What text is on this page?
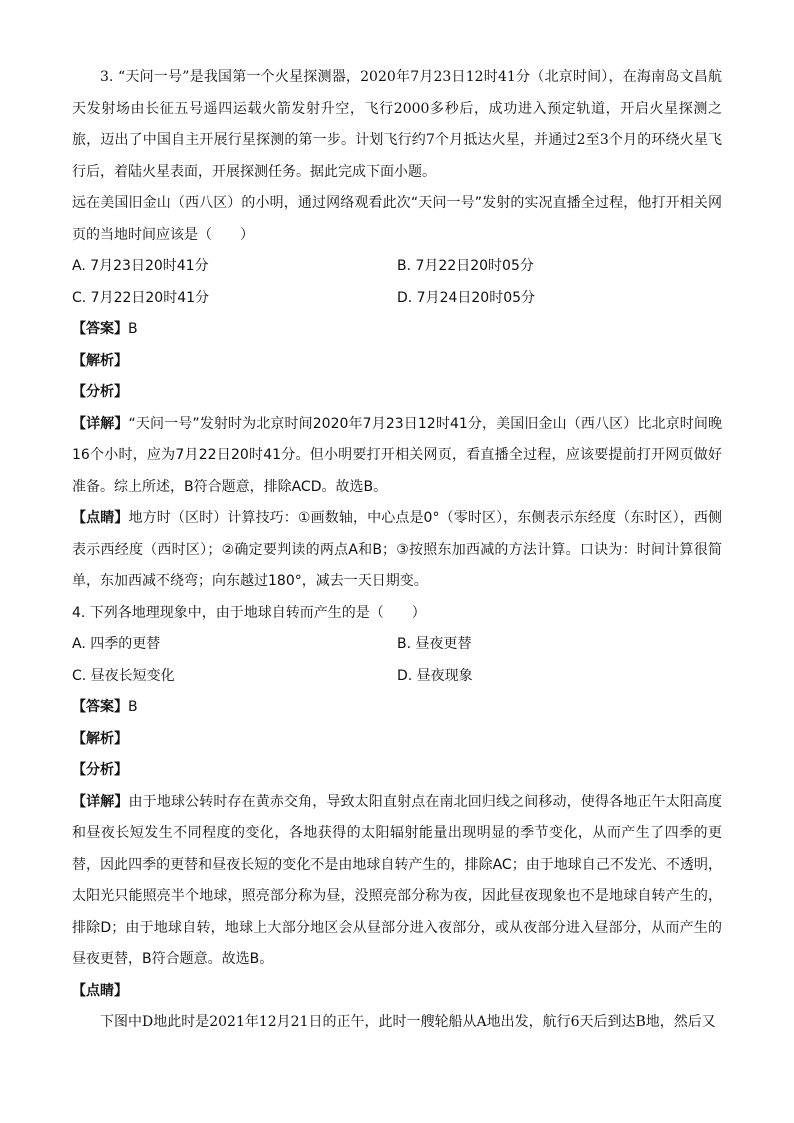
3. “天问一号”是我国第一个火星探测器，2020年7月23日12时41分（北京时间），在海南岛文昌航天发射场由长征五号遥四运载火箭发射升空，飞行2000多秒后，成功进入预定轨道，开启火星探测之旅，迈出了中国自主开展行星探测的第一步。计划飞行约7个月抵达火星，并通过2至3个月的环绕火星飞行后，着陆火星表面，开展探测任务。据此完成下面小题。

远在美国旧金山（西八区）的小明，通过网络观看此次“天问一号”发射的实况直播全过程，他打开相关网页的当地时间应该是（　　）

A. 7月23日20时41分	B. 7月22日20时05分
C. 7月22日20时41分	D. 7月24日20时05分

【答案】B

【解析】

【分析】

【详解】“天问一号”发射时为北京时间2020年7月23日12时41分，美国旧金山（西八区）比北京时间晚16个小时，应为7月22日20时41分。但小明要打开相关网页，看直播全过程，应该要提前打开网页做好准备。综上所述，B符合题意，排除ACD。故选B。

【点睛】地方时（区时）计算技巧：①画数轴，中心点是0°（零时区），东侧表示东经度（东时区），西侧表示西经度（西时区）；②确定要判读的两点A和B；③按照东加西减的方法计算。口诀为：时间计算很简单，东加西减不绕弯；向东越过180°，减去一天日期变。

4. 下列各地理现象中，由于地球自转而产生的是（　　）

A. 四季的更替	B. 昼夜更替
C. 昼夜长短变化	D. 昼夜现象

【答案】B

【解析】

【分析】

【详解】由于地球公转时存在黄赤交角，导致太阳直射点在南北回归线之间移动，使得各地正午太阳高度和昼夜长短发生不同程度的变化，各地获得的太阳辐射能量出现明显的季节变化，从而产生了四季的更替，因此四季的更替和昼夜长短的变化不是由地球自转产生的，排除AC；由于地球自己不发光、不透明，太阳光只能照亮半个地球，照亮部分称为昼，没照亮部分称为夜，因此昼夜现象也不是地球自转产生的，排除D；由于地球自转，地球上大部分地区会从昼部分进入夜部分，或从夜部分进入昼部分，从而产生的昼夜更替，B符合题意。故选B。

【点睛】

下图中D地此时是2021年12月21日的正午，此时一艘轮船从A地出发，航行6天后到达B地，然后又
